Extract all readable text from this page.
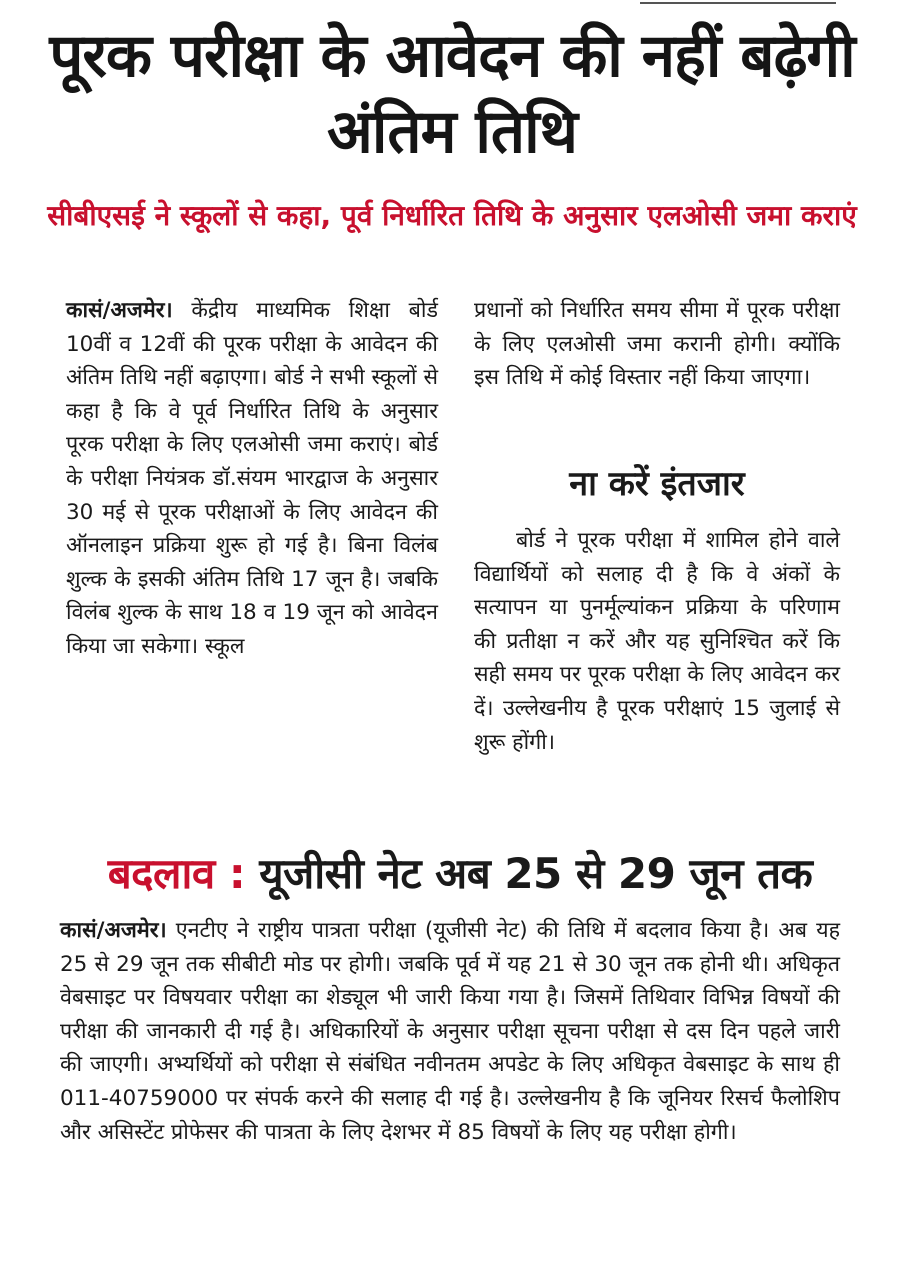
पूरक परीक्षा के आवेदन की नहीं बढ़ेगी अंतिम तिथि
सीबीएसई ने स्कूलों से कहा, पूर्व निर्धारित तिथि के अनुसार एलओसी जमा कराएं

कासं/अजमेर। केंद्रीय माध्यमिक शिक्षा बोर्ड 10वीं व 12वीं की पूरक परीक्षा के आवेदन की अंतिम तिथि नहीं बढ़ाएगा। बोर्ड ने सभी स्कूलों से कहा है कि वे पूर्व निर्धारित तिथि के अनुसार पूरक परीक्षा के लिए एलओसी जमा कराएं। बोर्ड के परीक्षा नियंत्रक डॉ.संयम भारद्वाज के अनुसार 30 मई से पूरक परीक्षाओं के लिए आवेदन की ऑनलाइन प्रक्रिया शुरू हो गई है। बिना विलंब शुल्क के इसकी अंतिम तिथि 17 जून है। जबकि विलंब शुल्क के साथ 18 व 19 जून को आवेदन किया जा सकेगा। स्कूल

प्रधानों को निर्धारित समय सीमा में पूरक परीक्षा के लिए एलओसी जमा करानी होगी। क्योंकि इस तिथि में कोई विस्तार नहीं किया जाएगा।

ना करें इंतजार

बोर्ड ने पूरक परीक्षा में शामिल होने वाले विद्यार्थियों को सलाह दी है कि वे अंकों के सत्यापन या पुनर्मूल्यांकन प्रक्रिया के परिणाम की प्रतीक्षा न करें और यह सुनिश्चित करें कि सही समय पर पूरक परीक्षा के लिए आवेदन कर दें। उल्लेखनीय है पूरक परीक्षाएं 15 जुलाई से शुरू होंगी।

बदलाव : यूजीसी नेट अब 25 से 29 जून तक

कासं/अजमेर। एनटीए ने राष्ट्रीय पात्रता परीक्षा (यूजीसी नेट) की तिथि में बदलाव किया है। अब यह 25 से 29 जून तक सीबीटी मोड पर होगी। जबकि पूर्व में यह 21 से 30 जून तक होनी थी। अधिकृत वेबसाइट पर विषयवार परीक्षा का शेड्यूल भी जारी किया गया है। जिसमें तिथिवार विभिन्न विषयों की परीक्षा की जानकारी दी गई है। अधिकारियों के अनुसार परीक्षा सूचना परीक्षा से दस दिन पहले जारी की जाएगी। अभ्यर्थियों को परीक्षा से संबंधित नवीनतम अपडेट के लिए अधिकृत वेबसाइट के साथ ही 011-40759000 पर संपर्क करने की सलाह दी गई है। उल्लेखनीय है कि जूनियर रिसर्च फैलोशिप और असिस्टेंट प्रोफेसर की पात्रता के लिए देशभर में 85 विषयों के लिए यह परीक्षा होगी।
